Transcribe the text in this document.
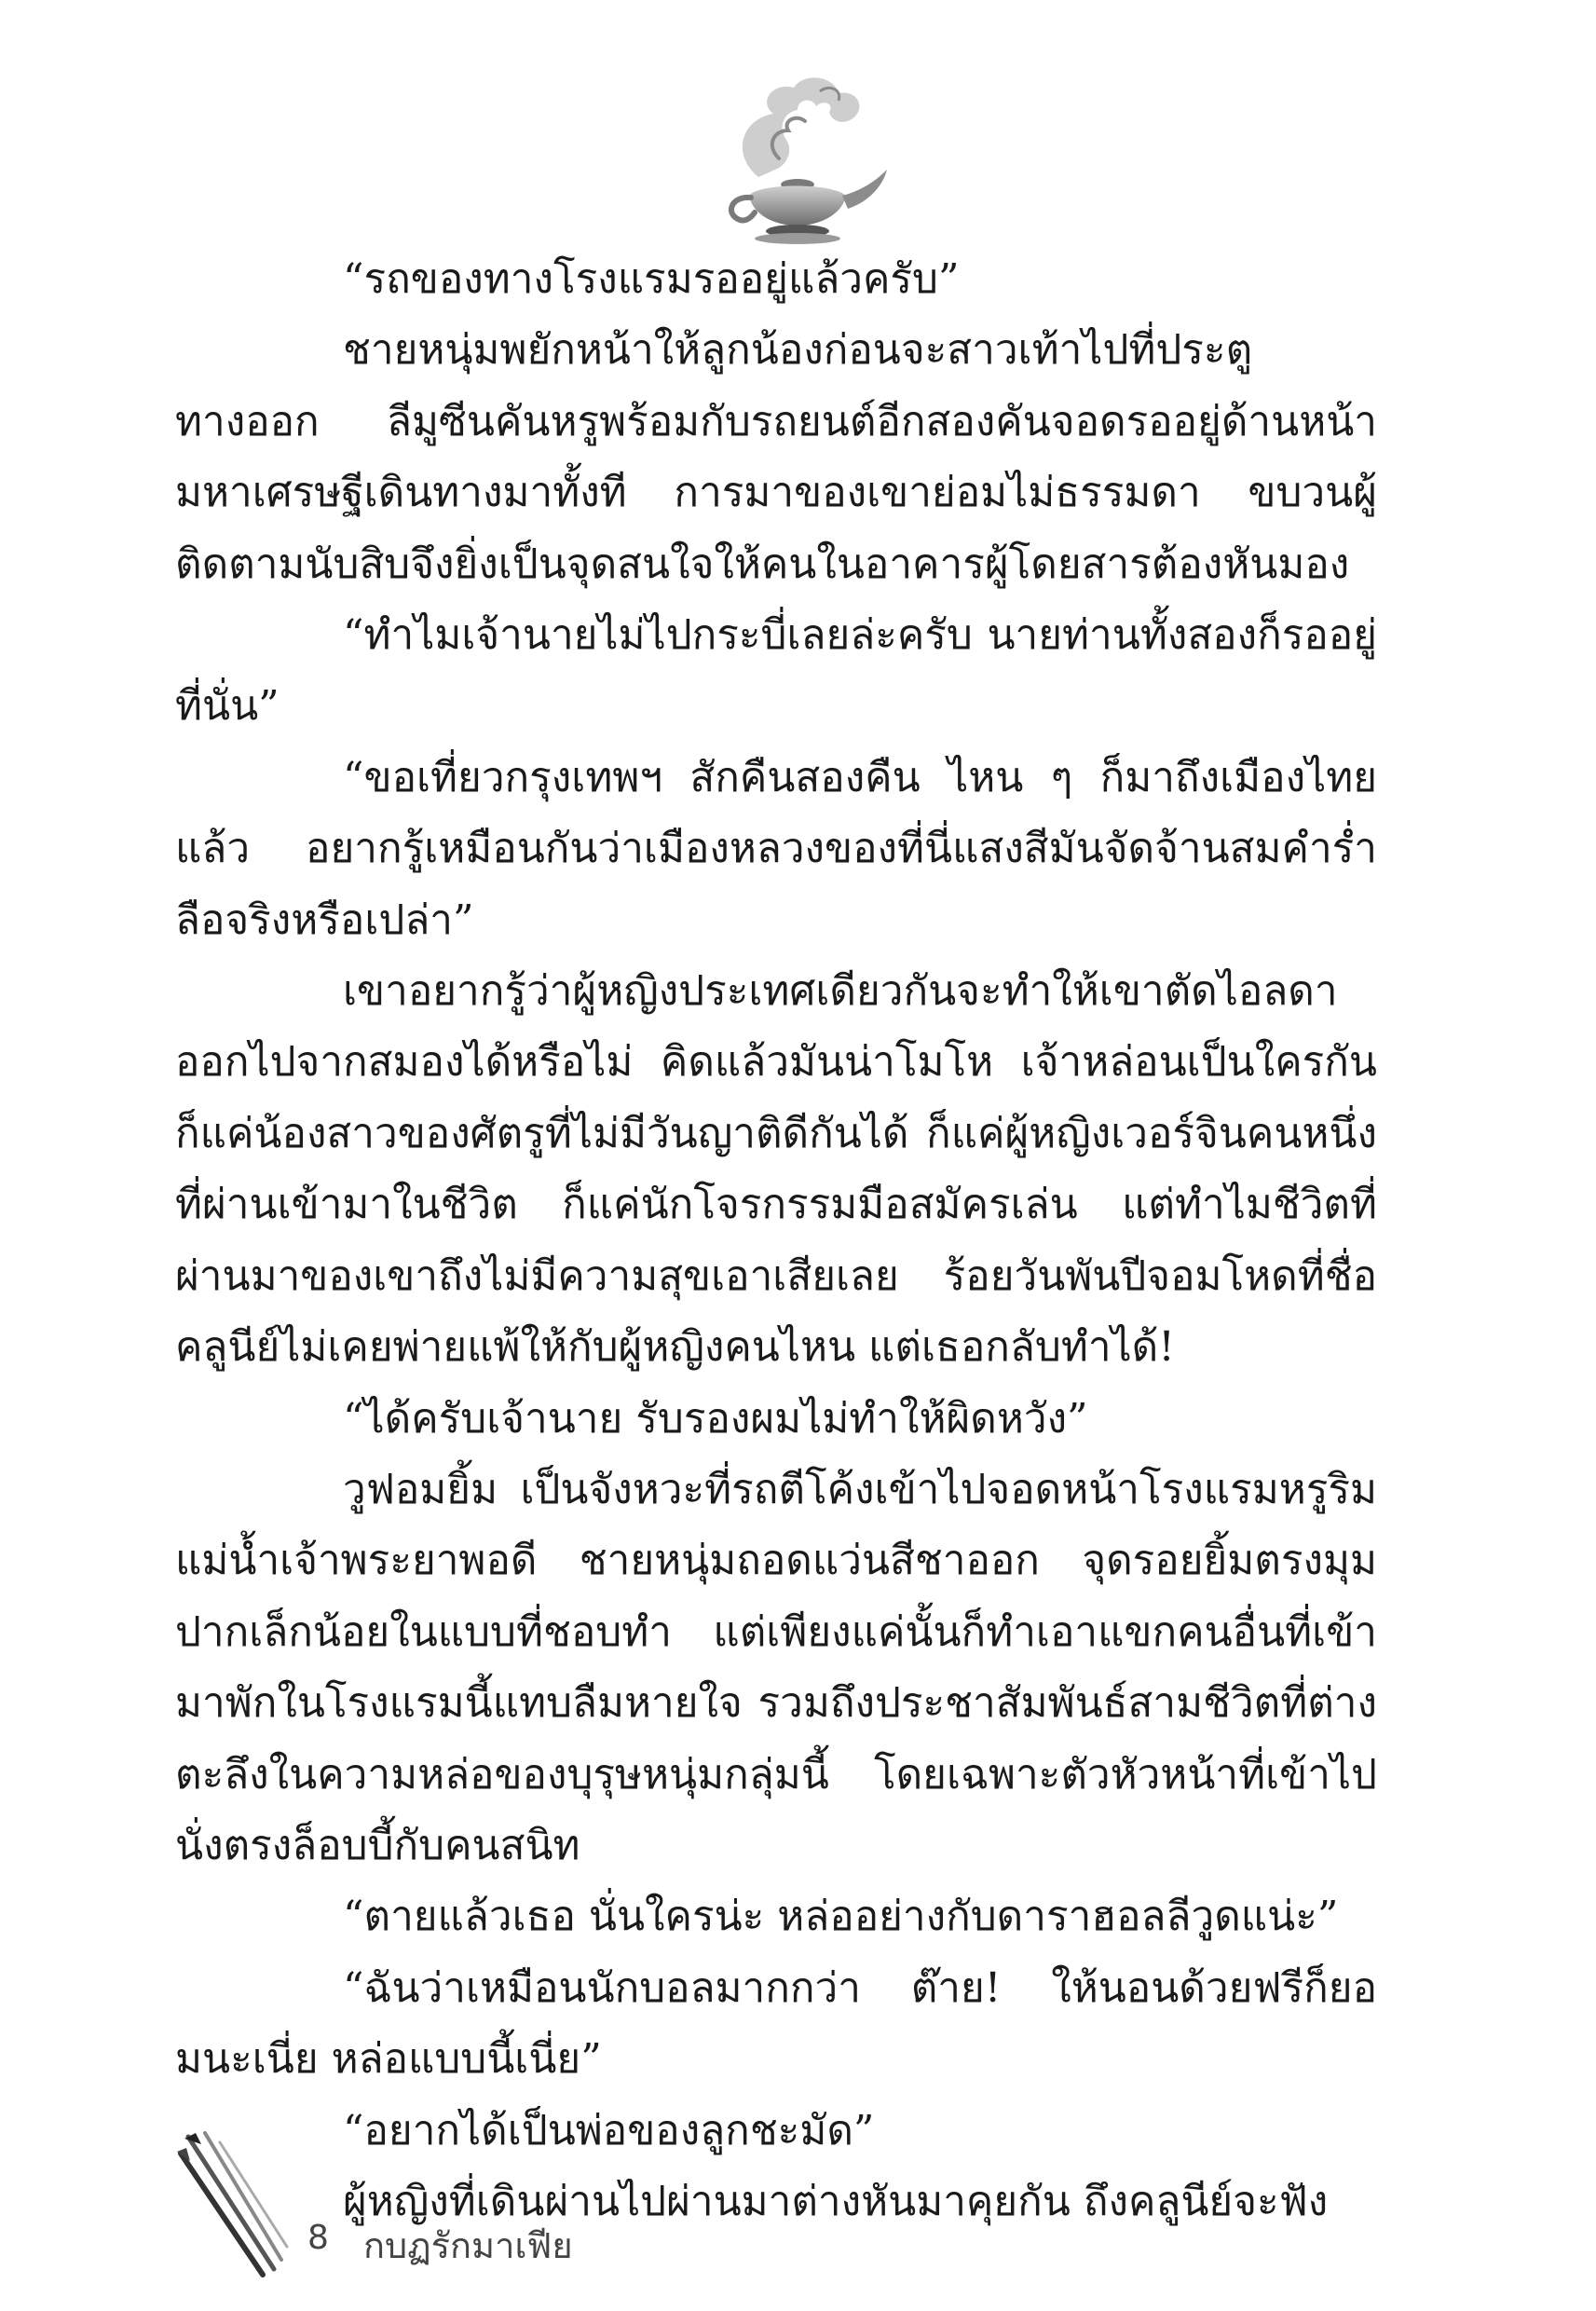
“รถของทางโรงแรมรออยู่แล้วครับ”

ชายหนุ่มพยักหน้าให้ลูกน้องก่อนจะสาวเท้าไปที่ประตูทางออก ลีมูซีนคันหรูพร้อมกับรถยนต์อีกสองคันจอดรออยู่ด้านหน้า มหาเศรษฐีเดินทางมาทั้งที การมาของเขาย่อมไม่ธรรมดา ขบวนผู้ติดตามนับสิบจึงยิ่งเป็นจุดสนใจให้คนในอาคารผู้โดยสารต้องหันมอง

“ทำไมเจ้านายไม่ไปกระบี่เลยล่ะครับ นายท่านทั้งสองก็รออยู่ที่นั่น”

“ขอเที่ยวกรุงเทพฯ สักคืนสองคืน ไหน ๆ ก็มาถึงเมืองไทยแล้ว อยากรู้เหมือนกันว่าเมืองหลวงของที่นี่แสงสีมันจัดจ้านสมคำร่ำลือจริงหรือเปล่า”

เขาอยากรู้ว่าผู้หญิงประเทศเดียวกันจะทำให้เขาตัดไอลดาออกไปจากสมองได้หรือไม่ คิดแล้วมันน่าโมโห เจ้าหล่อนเป็นใครกัน ก็แค่น้องสาวของศัตรูที่ไม่มีวันญาติดีกันได้ ก็แค่ผู้หญิงเวอร์จินคนหนึ่งที่ผ่านเข้ามาในชีวิต ก็แค่นักโจรกรรมมือสมัครเล่น แต่ทำไมชีวิตที่ผ่านมาของเขาถึงไม่มีความสุขเอาเสียเลย ร้อยวันพันปีจอมโหดที่ชื่อคลูนีย์ไม่เคยพ่ายแพ้ให้กับผู้หญิงคนไหน แต่เธอกลับทำได้!

“ได้ครับเจ้านาย รับรองผมไม่ทำให้ผิดหวัง”

วูฟอมยิ้ม เป็นจังหวะที่รถตีโค้งเข้าไปจอดหน้าโรงแรมหรูริมแม่น้ำเจ้าพระยาพอดี ชายหนุ่มถอดแว่นสีชาออก จุดรอยยิ้มตรงมุมปากเล็กน้อยในแบบที่ชอบทำ แต่เพียงแค่นั้นก็ทำเอาแขกคนอื่นที่เข้ามาพักในโรงแรมนี้แทบลืมหายใจ รวมถึงประชาสัมพันธ์สามชีวิตที่ต่างตะลึงในความหล่อของบุรุษหนุ่มกลุ่มนี้ โดยเฉพาะตัวหัวหน้าที่เข้าไปนั่งตรงล็อบบี้กับคนสนิท

“ตายแล้วเธอ นั่นใครน่ะ หล่ออย่างกับดาราฮอลลีวูดแน่ะ”

“ฉันว่าเหมือนนักบอลมากกว่า ต๊าย! ให้นอนด้วยฟรีก็ยอมนะเนี่ย หล่อแบบนี้เนี่ย”

“อยากได้เป็นพ่อของลูกชะมัด”

ผู้หญิงที่เดินผ่านไปผ่านมาต่างหันมาคุยกัน ถึงคลูนีย์จะฟัง

8 กบฏรักมาเฟีย
